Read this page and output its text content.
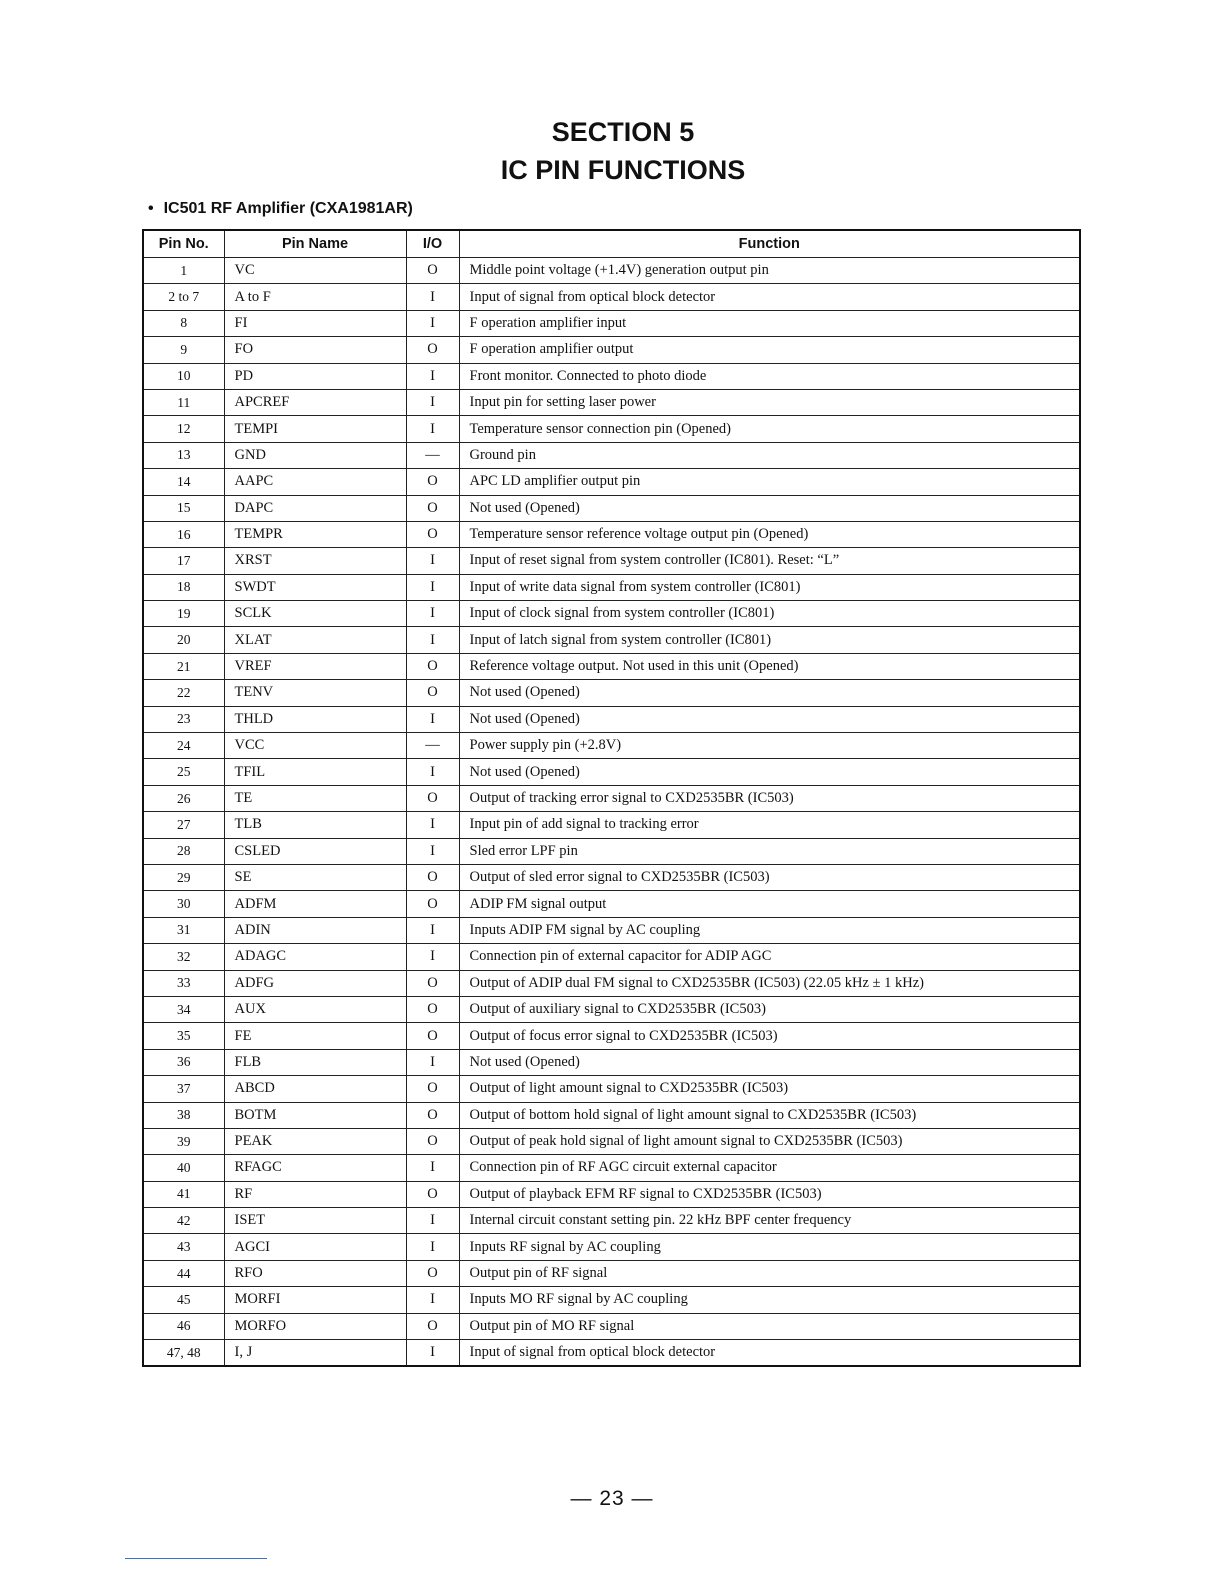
SECTION 5
IC PIN FUNCTIONS
• IC501 RF Amplifier (CXA1981AR)
Pin No.	Pin Name	I/O	Function
1	VC	O	Middle point voltage (+1.4V) generation output pin
2 to 7	A to F	I	Input of signal from optical block detector
8	FI	I	F operation amplifier input
9	FO	O	F operation amplifier output
10	PD	I	Front monitor. Connected to photo diode
11	APCREF	I	Input pin for setting laser power
12	TEMPI	I	Temperature sensor connection pin (Opened)
13	GND	—	Ground pin
14	AAPC	O	APC LD amplifier output pin
15	DAPC	O	Not used (Opened)
16	TEMPR	O	Temperature sensor reference voltage output pin (Opened)
17	XRST	I	Input of reset signal from system controller (IC801). Reset: “L”
18	SWDT	I	Input of write data signal from system controller (IC801)
19	SCLK	I	Input of clock signal from system controller (IC801)
20	XLAT	I	Input of latch signal from system controller (IC801)
21	VREF	O	Reference voltage output. Not used in this unit (Opened)
22	TENV	O	Not used (Opened)
23	THLD	I	Not used (Opened)
24	VCC	—	Power supply pin (+2.8V)
25	TFIL	I	Not used (Opened)
26	TE	O	Output of tracking error signal to CXD2535BR (IC503)
27	TLB	I	Input pin of add signal to tracking error
28	CSLED	I	Sled error LPF pin
29	SE	O	Output of sled error signal to CXD2535BR (IC503)
30	ADFM	O	ADIP FM signal output
31	ADIN	I	Inputs ADIP FM signal by AC coupling
32	ADAGC	I	Connection pin of external capacitor for ADIP AGC
33	ADFG	O	Output of ADIP dual FM signal to CXD2535BR (IC503) (22.05 kHz ± 1 kHz)
34	AUX	O	Output of auxiliary signal to CXD2535BR (IC503)
35	FE	O	Output of focus error signal to CXD2535BR (IC503)
36	FLB	I	Not used (Opened)
37	ABCD	O	Output of light amount signal to CXD2535BR (IC503)
38	BOTM	O	Output of bottom hold signal of light amount signal to CXD2535BR (IC503)
39	PEAK	O	Output of peak hold signal of light amount signal to CXD2535BR (IC503)
40	RFAGC	I	Connection pin of RF AGC circuit external capacitor
41	RF	O	Output of playback EFM RF signal to CXD2535BR (IC503)
42	ISET	I	Internal circuit constant setting pin. 22 kHz BPF center frequency
43	AGCI	I	Inputs RF signal by AC coupling
44	RFO	O	Output pin of RF signal
45	MORFI	I	Inputs MO RF signal by AC coupling
46	MORFO	O	Output pin of MO RF signal
47, 48	I, J	I	Input of signal from optical block detector
— 23 —
